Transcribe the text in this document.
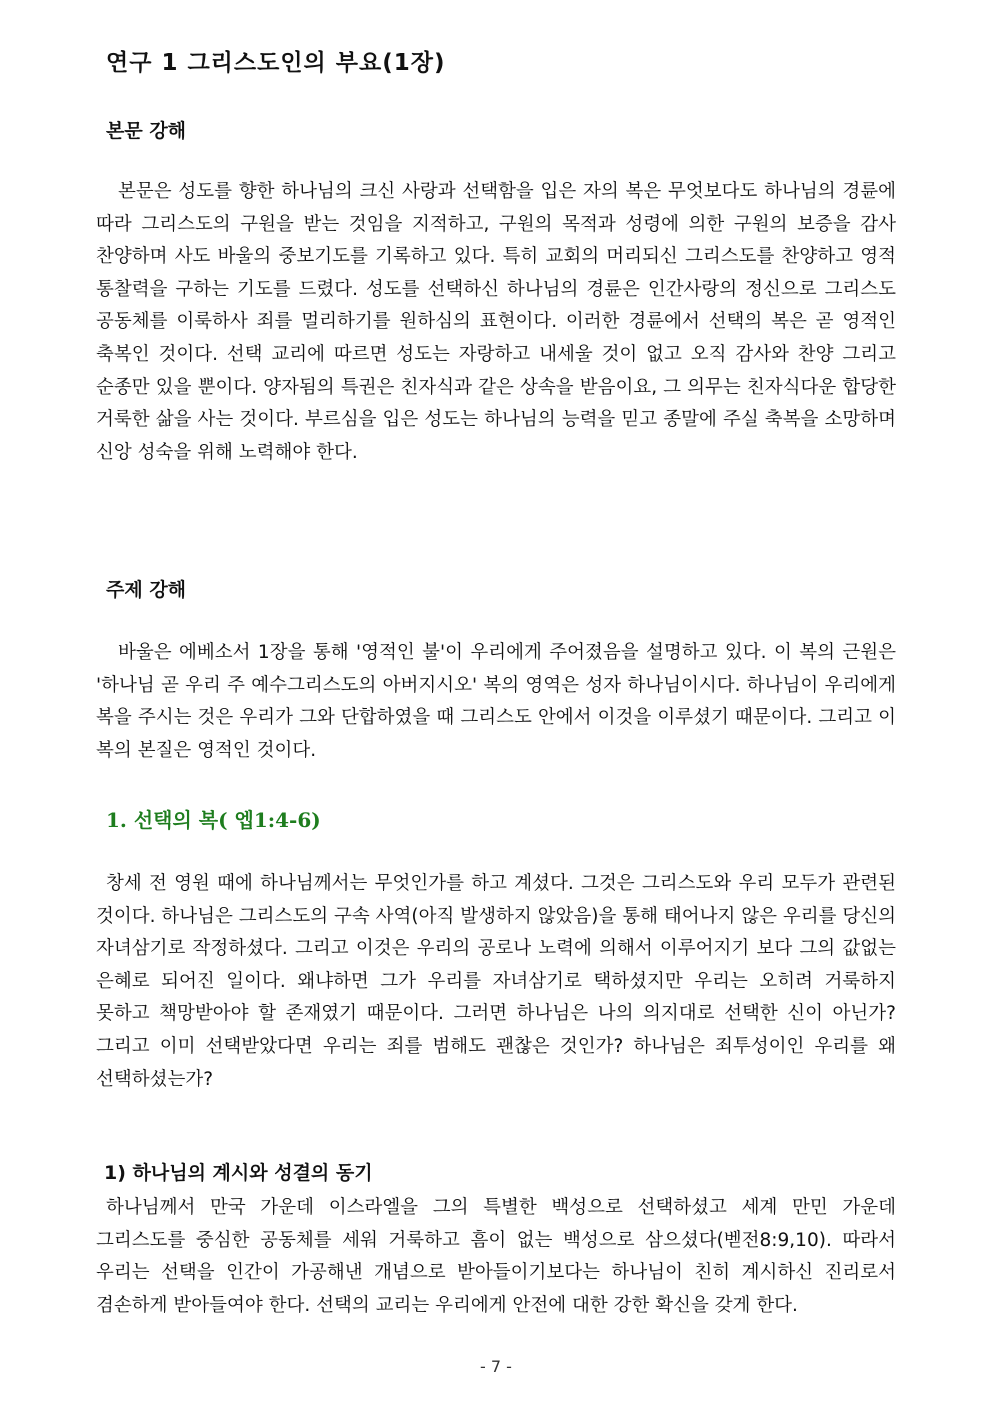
연구 1 그리스도인의 부요(1장)
본문 강해

본문은 성도를 향한 하나님의 크신 사랑과 선택함을 입은 자의 복은 무엇보다도 하나님의 경륜에 따라 그리스도의 구원을 받는 것임을 지적하고, 구원의 목적과 성령에 의한 구원의 보증을 감사 찬양하며 사도 바울의 중보기도를 기록하고 있다. 특히 교회의 머리되신 그리스도를 찬양하고 영적 통찰력을 구하는 기도를 드렸다. 성도를 선택하신 하나님의 경륜은 인간사랑의 정신으로 그리스도 공동체를 이룩하사 죄를 멀리하기를 원하심의 표현이다. 이러한 경륜에서 선택의 복은 곧 영적인 축복인 것이다. 선택 교리에 따르면 성도는 자랑하고 내세울 것이 없고 오직 감사와 찬양 그리고 순종만 있을 뿐이다. 양자됨의 특권은 친자식과 같은 상속을 받음이요, 그 의무는 친자식다운 합당한 거룩한 삶을 사는 것이다. 부르심을 입은 성도는 하나님의 능력을 믿고 종말에 주실 축복을 소망하며 신앙 성숙을 위해 노력해야 한다.

주제 강해

바울은 에베소서 1장을 통해 '영적인 불'이 우리에게 주어졌음을 설명하고 있다. 이 복의 근원은 '하나님 곧 우리 주 예수그리스도의 아버지시오' 복의 영역은 성자 하나님이시다. 하나님이 우리에게 복을 주시는 것은 우리가 그와 단합하였을 때 그리스도 안에서 이것을 이루셨기 때문이다. 그리고 이 복의 본질은 영적인 것이다.

1. 선택의 복( 엡1:4-6)

창세 전 영원 때에 하나님께서는 무엇인가를 하고 계셨다. 그것은 그리스도와 우리 모두가 관련된 것이다. 하나님은 그리스도의 구속 사역(아직 발생하지 않았음)을 통해 태어나지 않은 우리를 당신의 자녀삼기로 작정하셨다. 그리고 이것은 우리의 공로나 노력에 의해서 이루어지기 보다 그의 값없는 은혜로 되어진 일이다. 왜냐하면 그가 우리를 자녀삼기로 택하셨지만 우리는 오히려 거룩하지 못하고 책망받아야 할 존재였기 때문이다. 그러면 하나님은 나의 의지대로 선택한 신이 아닌가? 그리고 이미 선택받았다면 우리는 죄를 범해도 괜찮은 것인가? 하나님은 죄투성이인 우리를 왜 선택하셨는가?

1) 하나님의 계시와 성결의 동기

하나님께서 만국 가운데 이스라엘을 그의 특별한 백성으로 선택하셨고 세계 만민 가운데 그리스도를 중심한 공동체를 세워 거룩하고 흠이 없는 백성으로 삼으셨다(벧전8:9,10). 따라서 우리는 선택을 인간이 가공해낸 개념으로 받아들이기보다는 하나님이 친히 계시하신 진리로서 겸손하게 받아들여야 한다. 선택의 교리는 우리에게 안전에 대한 강한 확신을 갖게 한다.

- 7 -
